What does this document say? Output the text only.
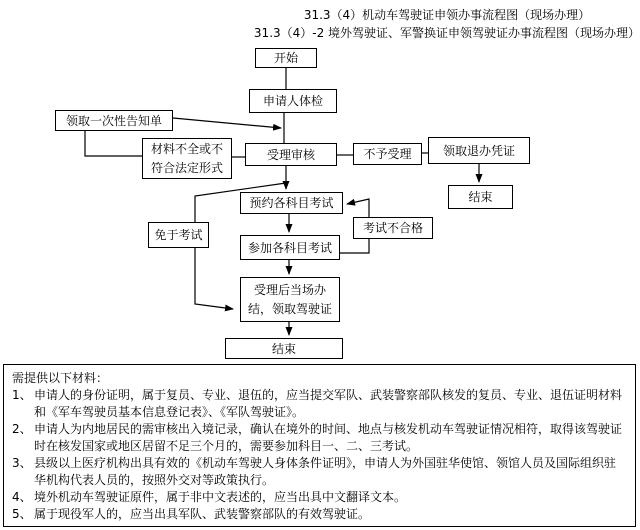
31.3（4）机动车驾驶证申领办事流程图（现场办理）
31.3（4）-2 境外驾驶证、军警换证申领驾驶证办事流程图（现场办理）
开始
申请人体检
领取一次性告知单
材料不全或不符合法定形式
受理审核	不予受理	领取退办凭证
结束
预约各科目考试
免于考试
参加各科目考试
考试不合格
受理后当场办结，领取驾驶证
结束
需提供以下材料：
1、 申请人的身份证明，属于复员、专业、退伍的，应当提交军队、武装警察部队核发的复员、专业、退伍证明材料和《军车驾驶员基本信息登记表》、《军队驾驶证》。
2、 申请人为内地居民的需审核出入境记录，确认在境外的时间、地点与核发机动车驾驶证情况相符，取得该驾驶证时在核发国家或地区居留不足三个月的，需要参加科目一、二、三考试。
3、 县级以上医疗机构出具有效的《机动车驾驶人身体条件证明》，申请人为外国驻华使馆、领馆人员及国际组织驻华机构代表人员的，按照外交对等政策执行。
4、 境外机动车驾驶证原件，属于非中文表述的，应当出具中文翻译文本。
5、 属于现役军人的，应当出具军队、武装警察部队的有效驾驶证。
